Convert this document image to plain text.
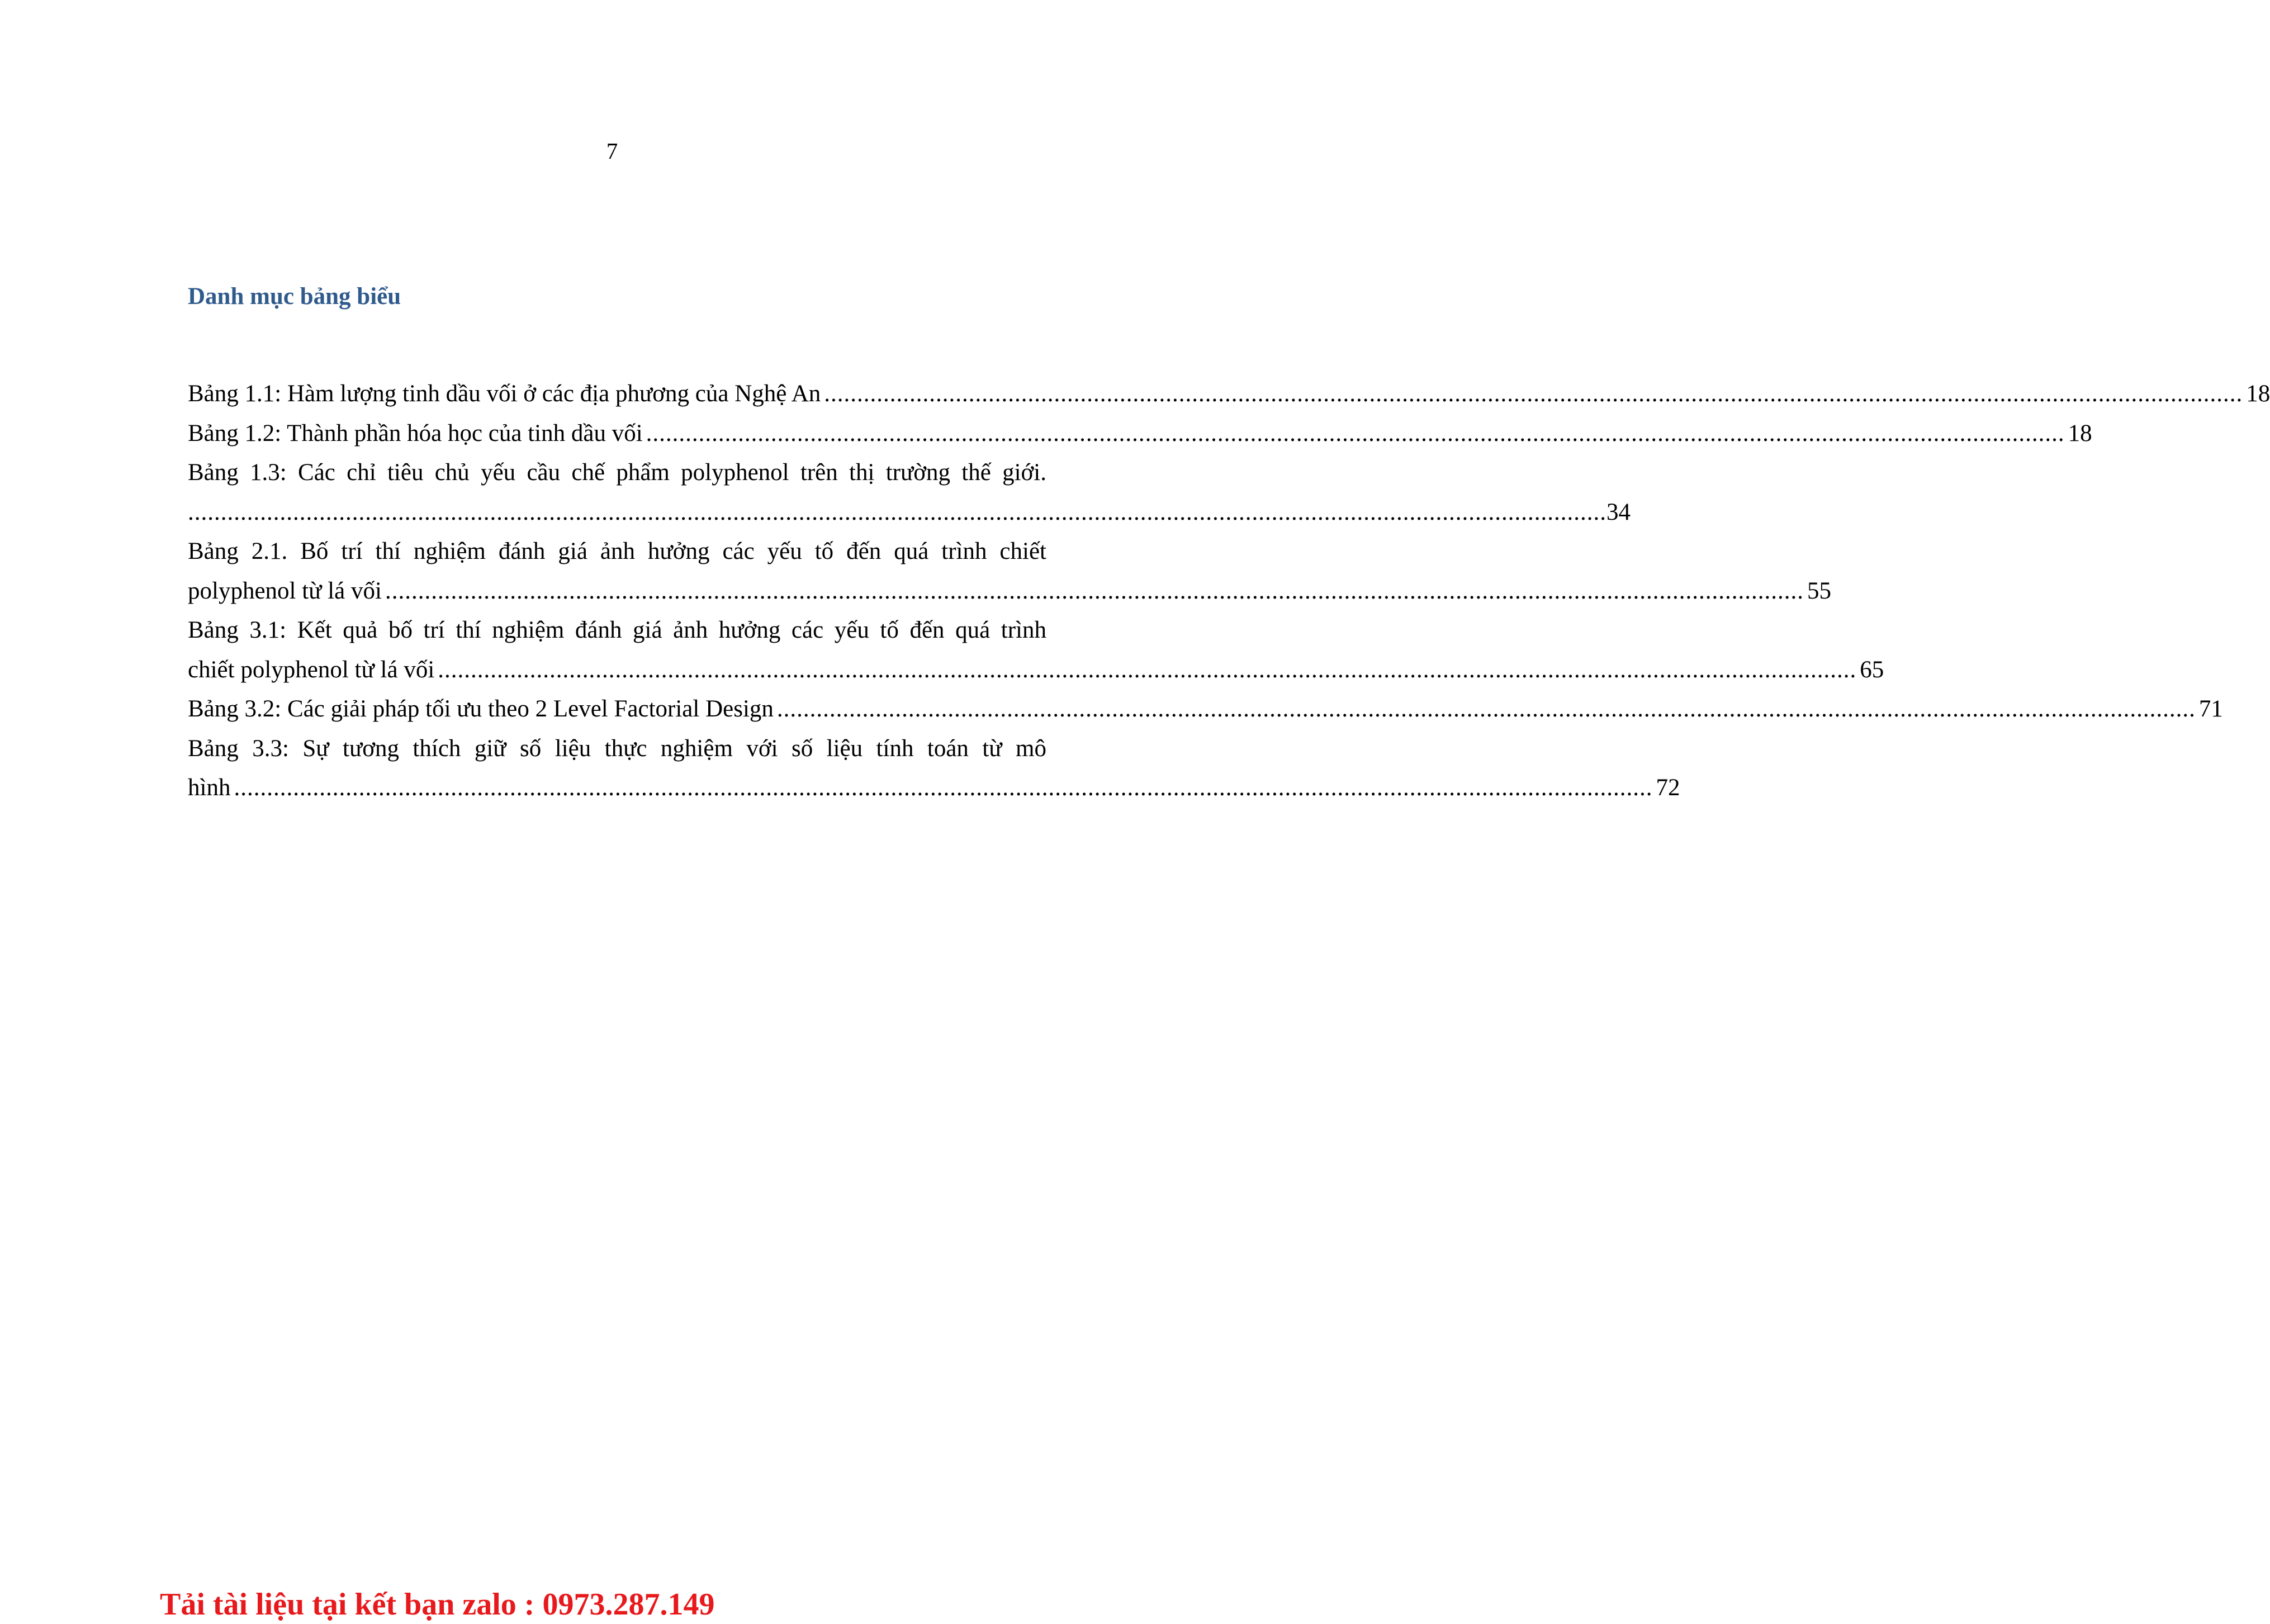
7
Danh mục bảng biểu
Bảng 1.1: Hàm lượng tinh dầu vối ở các địa phương của Nghệ An ........................................................................................................................................................................................................................ 18
Bảng 1.2: Thành phần hóa học của tinh dầu vối ........................................................................................................................................................................................................................ 18
Bảng 1.3: Các chỉ tiêu chủ yếu cầu chế phẩm polyphenol trên thị trường thế giới.
........................................................................................................................................................................................................................ 34
Bảng 2.1. Bố trí thí nghiệm đánh giá ảnh hưởng các yếu tố đến quá trình chiết
polyphenol từ lá vối ........................................................................................................................................................................................................................ 55
Bảng 3.1: Kết quả bố trí thí nghiệm đánh giá ảnh hưởng các yếu tố đến quá trình
chiết polyphenol từ lá vối ........................................................................................................................................................................................................................ 65
Bảng 3.2: Các giải pháp tối ưu theo 2 Level Factorial Design ........................................................................................................................................................................................................................ 71
Bảng 3.3: Sự tương thích giữ số liệu thực nghiệm với số liệu tính toán từ mô
hình ........................................................................................................................................................................................................................ 72
Tải tài liệu tại kết bạn zalo : 0973.287.149
